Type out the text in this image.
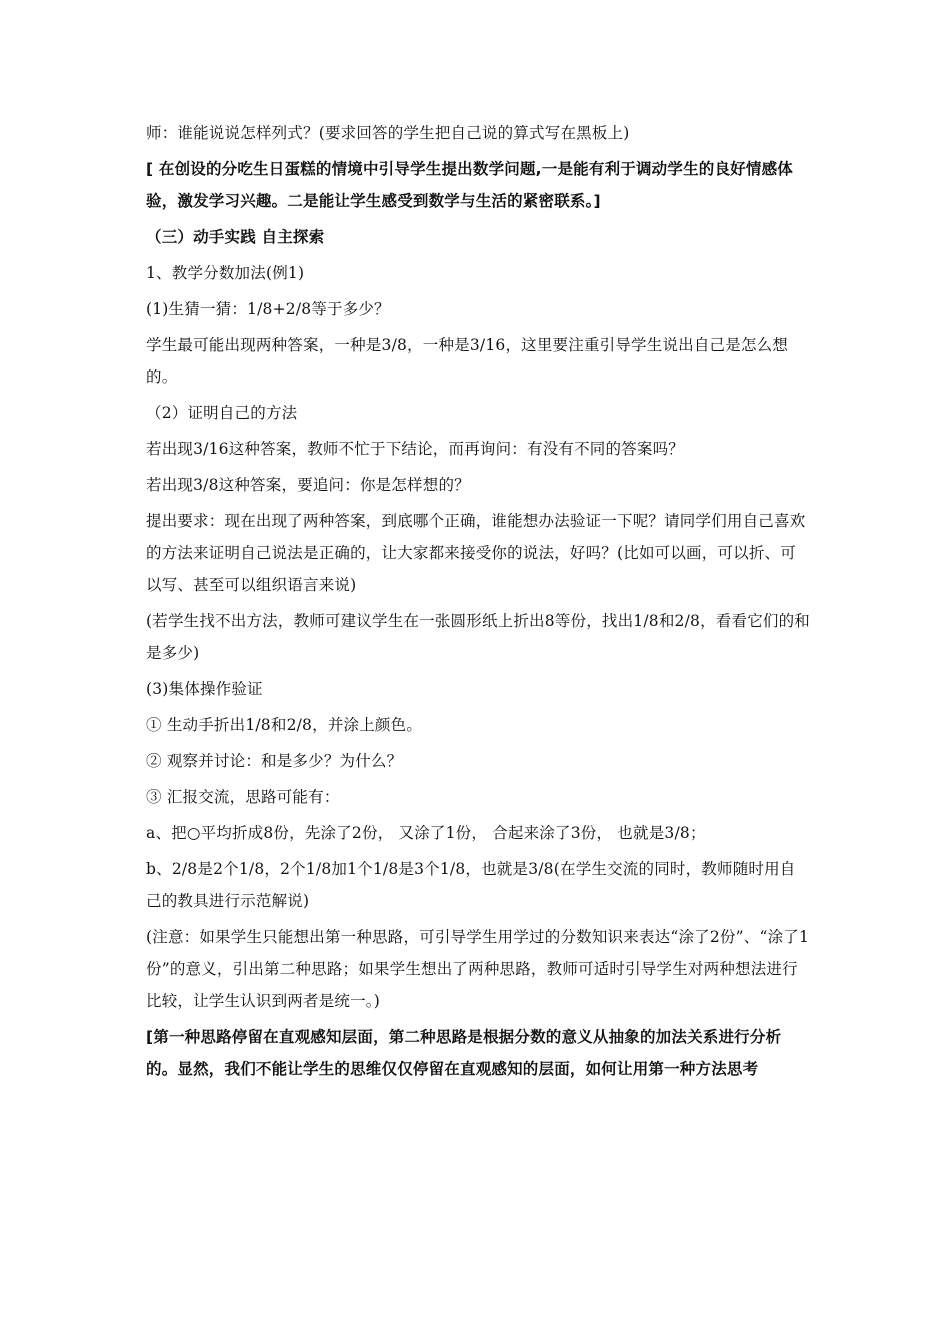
师：谁能说说怎样列式？(要求回答的学生把自己说的算式写在黑板上)

[ 在创设的分吃生日蛋糕的情境中引导学生提出数学问题,一是能有利于调动学生的良好情感体验，激发学习兴趣。二是能让学生感受到数学与生活的紧密联系。]

（三）动手实践 自主探索

1、教学分数加法(例1)

(1)生猜一猜：1/8+2/8等于多少？

学生最可能出现两种答案，一种是3/8，一种是3/16，这里要注重引导学生说出自己是怎么想的。

（2）证明自己的方法

若出现3/16这种答案，教师不忙于下结论，而再询问：有没有不同的答案吗？

若出现3/8这种答案，要追问：你是怎样想的？

提出要求：现在出现了两种答案，到底哪个正确，谁能想办法验证一下呢？请同学们用自己喜欢的方法来证明自己说法是正确的，让大家都来接受你的说法，好吗？(比如可以画，可以折、可以写、甚至可以组织语言来说)

(若学生找不出方法，教师可建议学生在一张圆形纸上折出8等份，找出1/8和2/8，看看它们的和是多少)

(3)集体操作验证

① 生动手折出1/8和2/8，并涂上颜色。

② 观察并讨论：和是多少？为什么？

③ 汇报交流，思路可能有：

a、把○平均折成8份，先涂了2份， 又涂了1份， 合起来涂了3份， 也就是3/8；

b、2/8是2个1/8，2个1/8加1个1/8是3个1/8，也就是3/8(在学生交流的同时，教师随时用自己的教具进行示范解说)

(注意：如果学生只能想出第一种思路，可引导学生用学过的分数知识来表达“涂了2份”、“涂了1份”的意义，引出第二种思路；如果学生想出了两种思路，教师可适时引导学生对两种想法进行比较，让学生认识到两者是统一。)

[第一种思路停留在直观感知层面，第二种思路是根据分数的意义从抽象的加法关系进行分析的。显然，我们不能让学生的思维仅仅停留在直观感知的层面，如何让用第一种方法思考
